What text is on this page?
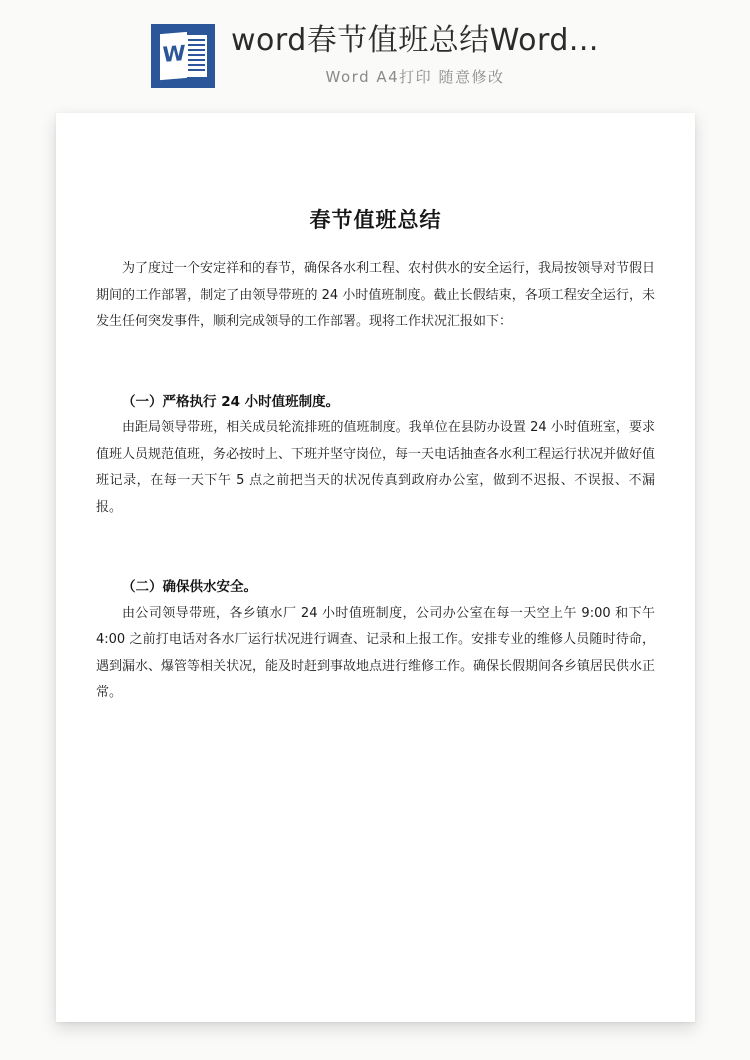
W word春节值班总结Word...
Word A4打印 随意修改
春节值班总结

为了度过一个安定祥和的春节，确保各水利工程、农村供水的安全运行，我局按领导对节假日期间的工作部署，制定了由领导带班的 24 小时值班制度。截止长假结束，各项工程安全运行，未发生任何突发事件，顺利完成领导的工作部署。现将工作状况汇报如下：

（一）严格执行 24 小时值班制度。

由距局领导带班，相关成员轮流排班的值班制度。我单位在县防办设置 24 小时值班室，要求值班人员规范值班，务必按时上、下班并坚守岗位，每一天电话抽查各水利工程运行状况并做好值班记录，在每一天下午 5 点之前把当天的状况传真到政府办公室，做到不迟报、不误报、不漏报。

（二）确保供水安全。

由公司领导带班，各乡镇水厂 24 小时值班制度，公司办公室在每一天空上午 9:00 和下午 4:00 之前打电话对各水厂运行状况进行调查、记录和上报工作。安排专业的维修人员随时待命，遇到漏水、爆管等相关状况，能及时赶到事故地点进行维修工作。确保长假期间各乡镇居民供水正常。
